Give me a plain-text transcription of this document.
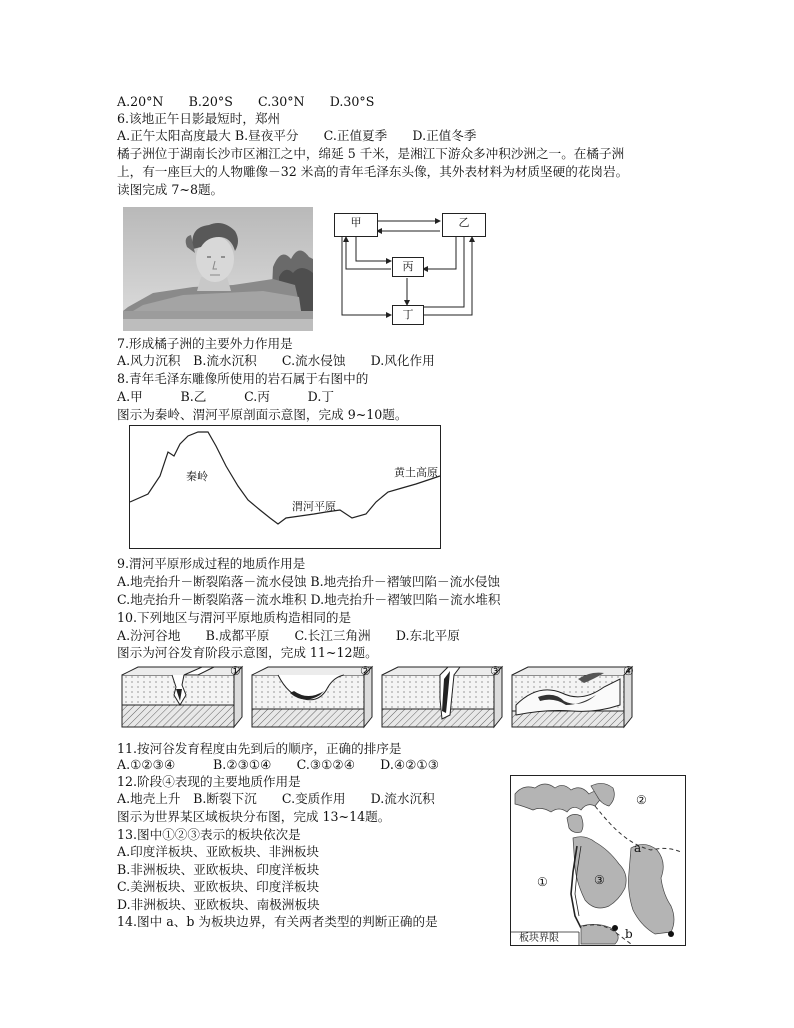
A.20°N　　B.20°S　　C.30°N　　D.30°S
6.该地正午日影最短时，郑州
A.正午太阳高度最大 B.昼夜平分　　C.正值夏季　　D.正值冬季
橘子洲位于湖南长沙市区湘江之中，绵延 5 千米，是湘江下游众多冲积沙洲之一。在橘子洲
上，有一座巨大的人物雕像－32 米高的青年毛泽东头像，其外表材料为材质坚硬的花岗岩。
读图完成 7~8题。
甲	乙
丙
丁
7.形成橘子洲的主要外力作用是
A.风力沉积　B.流水沉积　　C.流水侵蚀　　D.风化作用
8.青年毛泽东雕像所使用的岩石属于右图中的
A.甲　　　B.乙　　　C.丙　　　D.丁
图示为秦岭、渭河平原剖面示意图，完成 9~10题。
秦岭
渭河平原
黄土高原
9.渭河平原形成过程的地质作用是
A.地壳抬升－断裂陷落－流水侵蚀 B.地壳抬升－褶皱凹陷－流水侵蚀
C.地壳抬升－断裂陷落－流水堆积 D.地壳抬升－褶皱凹陷－流水堆积
10.下列地区与渭河平原地质构造相同的是
A.汾河谷地　　B.成都平原　　C.长江三角洲　　D.东北平原
图示为河谷发育阶段示意图，完成 11~12题。
①	②	③	④
11.按河谷发育程度由先到后的顺序，正确的排序是
A.①②③④　　　B.②③①④　　C.③①②④　　D.④②①③
12.阶段④表现的主要地质作用是
A.地壳上升　B.断裂下沉　　C.变质作用　　D.流水沉积
图示为世界某区域板块分布图，完成 13~14题。
13.图中①②③表示的板块依次是
A.印度洋板块、亚欧板块、非洲板块
B.非洲板块、亚欧板块、印度洋板块
C.美洲板块、亚欧板块、印度洋板块
D.非洲板块、亚欧板块、南极洲板块
14.图中 a、b 为板块边界，有关两者类型的判断正确的是
②
①	③
a
b
板块界限
